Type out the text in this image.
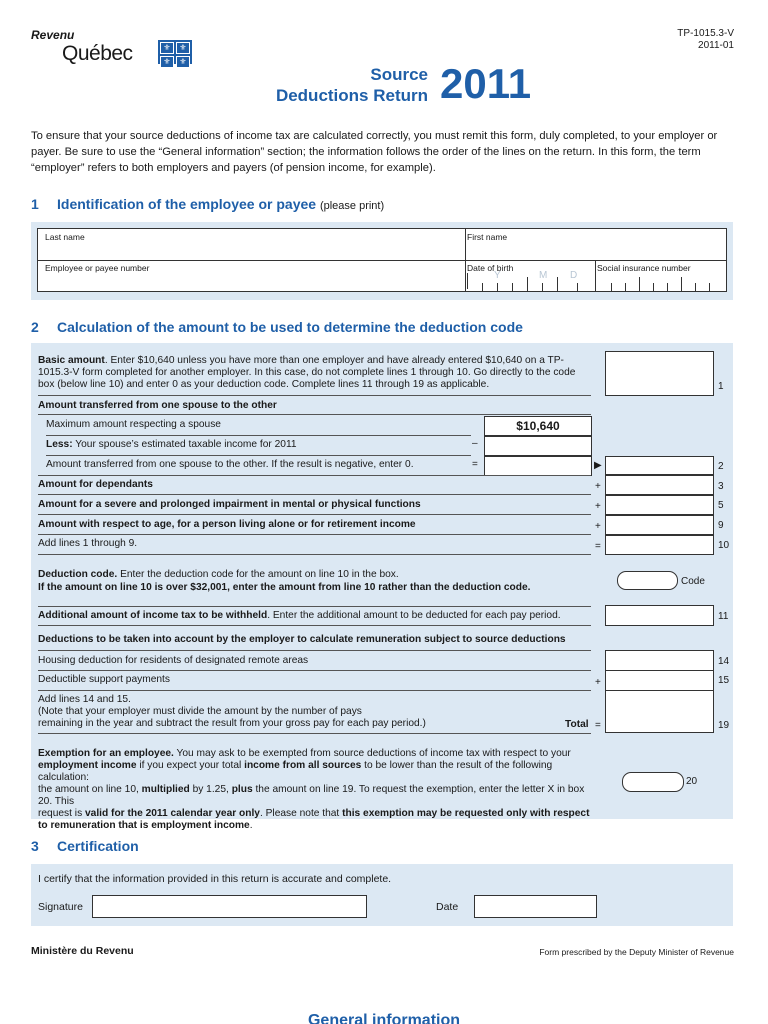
Revenu
Québec	⚜	⚜
⚜	⚜
TP-1015.3-V
2011-01
Source
Deductions Return 2011
To ensure that your source deductions of income tax are calculated correctly, you must remit this form, duly completed, to your employer or payer. Be sure to use the “General information” section; the information follows the order of the lines on the return. In this form, the term “employer” refers to both employers and payers (of pension income, for example).
1 Identification of the employee or payee (please print)
Last name	First name
Employee or payee number	Date of birth	Social insurance number
Y	M D
2 Calculation of the amount to be used to determine the deduction code
Basic amount. Enter $10,640 unless you have more than one employer and have already entered $10,640 on a TP-1015.3-V form completed for another employer. In this case, do not complete lines 1 through 10. Go directly to the code box (below line 10) and enter 0 as your deduction code. Complete lines 11 through 19 as applicable.	1
Amount transferred from one spouse to the other
Maximum amount respecting a spouse	$10,640
Less: Your spouse’s estimated taxable income for 2011	–
Amount transferred from one spouse to the other. If the result is negative, enter 0.	=	▶	2
Amount for dependants	+	3
Amount for a severe and prolonged impairment in mental or physical functions	+	5
Amount with respect to age, for a person living alone or for retirement income	+	9
Add lines 1 through 9.	=	10
Deduction code. Enter the deduction code for the amount on line 10 in the box.
If the amount on line 10 is over $32,001, enter the amount from line 10 rather than the deduction code.
Code
Additional amount of income tax to be withheld. Enter the additional amount to be deducted for each pay period.	11
Deductions to be taken into account by the employer to calculate remuneration subject to source deductions
Housing deduction for residents of designated remote areas	14
Deductible support payments	+	15
Add lines 14 and 15.
(Note that your employer must divide the amount by the number of pays
remaining in the year and subtract the result from your gross pay for each pay period.)	Total =	19
Exemption for an employee. You may ask to be exempted from source deductions of income tax with respect to your
employment income if you expect your total income from all sources to be lower than the result of the following calculation:
the amount on line 10, multiplied by 1.25, plus the amount on line 19. To request the exemption, enter the letter X in box 20. This
request is valid for the 2011 calendar year only. Please note that this exemption may be requested only with respect
to remuneration that is employment income.
20
3 Certification
I certify that the information provided in this return is accurate and complete.
Signature	Date
Ministère du Revenu	Form prescribed by the Deputy Minister of Revenue
General information
